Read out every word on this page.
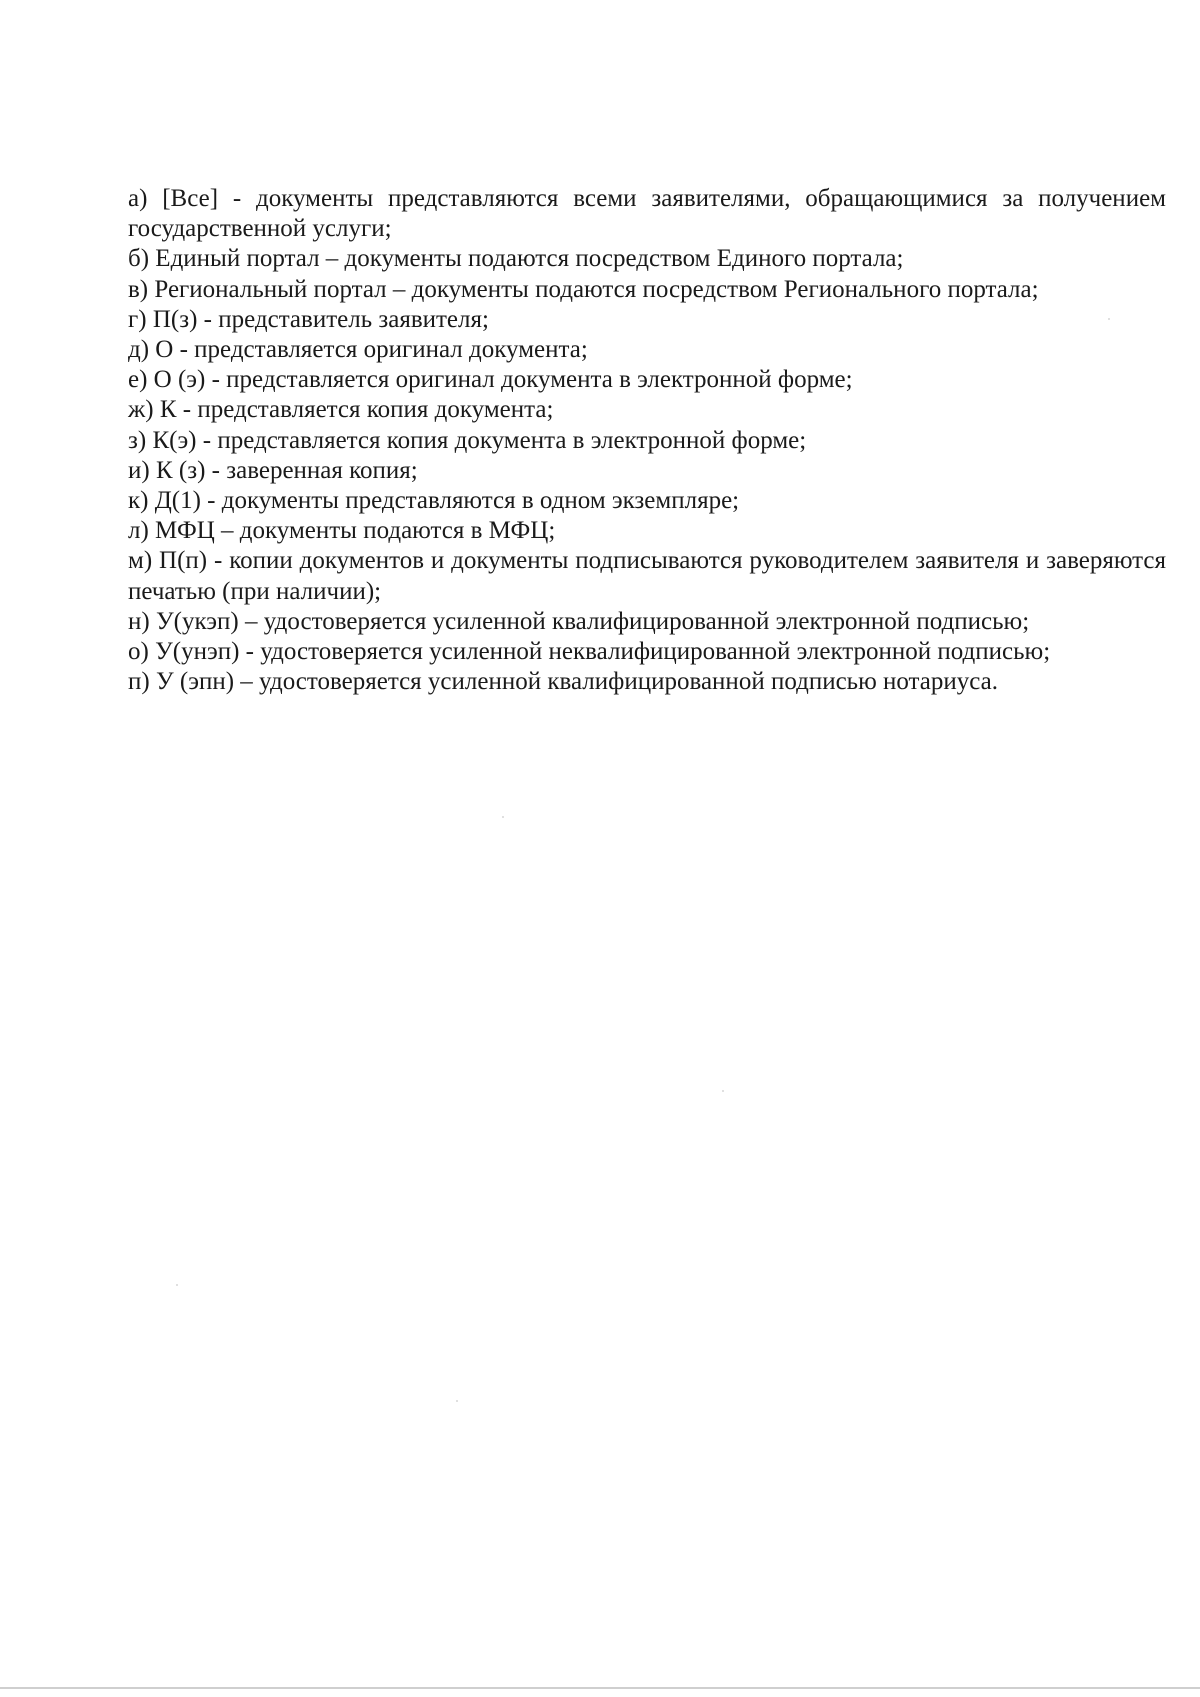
а) [Все] - документы представляются всеми заявителями, обращающимися за получением государственной услуги;
б) Единый портал – документы подаются посредством Единого портала;
в) Региональный портал – документы подаются посредством Регионального портала;
г) П(з) - представитель заявителя;
д) О - представляется оригинал документа;
е) О (э) - представляется оригинал документа в электронной форме;
ж) К - представляется копия документа;
з) К(э) - представляется копия документа в электронной форме;
и) К (з) - заверенная копия;
к) Д(1) - документы представляются в одном экземпляре;
л) МФЦ – документы подаются в МФЦ;
м) П(п) - копии документов и документы подписываются руководителем заявителя и заверяются печатью (при наличии);
н) У(укэп) – удостоверяется усиленной квалифицированной электронной подписью;
о) У(унэп) - удостоверяется усиленной неквалифицированной электронной подписью;
п) У (эпн) – удостоверяется усиленной квалифицированной подписью нотариуса.
